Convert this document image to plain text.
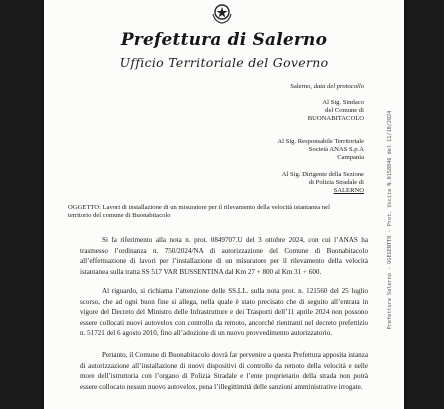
Prefettura di Salerno
Ufficio Territoriale del Governo
Salerno, data del protocollo
Al Sig. Sindaco
del Comune di
BUONABITACOLO
Al Sig. Responsabile Territoriale
Società ANAS S.p.A
Campania
Al Sig. Dirigente della Sezione
di Polizia Stradale di
SALERNO
OGGETTO: Lavori di installazione di un misuratore per il rilevamento della velocità istantanea nel
territorio del comune di Buonabitacolo
Si fa riferimento alla nota n. prot. 0849707.U del 3 ottobre 2024, con cui l’ANAS ha trasmesso l’ordinanza n. 750/2024/NA di autorizzazione del Comune di Buonabitacolo all’effettuazione di lavori per l’installazione di un misuratore per il rilevamento della velocità istantanea sulla tratta SS 517 VAR BUSSENTINA dal Km 27 + 800 al Km 31 + 600.
Al riguardo, si richiama l’attenzione delle SS.LL. sulla nota prot. n. 121560 del 25 luglio scorso, che ad ogni buon fine si allega, nella quale è stato precisato che di seguito all’entrata in vigore del Decreto del Ministro delle Infrastrutture e dei Trasporti dell’11 aprile 2024 non possono essere collocati nuovi autovelox con controllo da remoto, ancorché rientranti nel decreto prefettizio n. 51721 del 6 agosto 2010, fino all’adozione di un nuovo provvedimento autorizzatorio.
Pertanto, il Comune di Buonabitacolo dovrà far pervenire a questa Prefettura apposita istanza di autorizzazione all’installazione di nuovi dispositivi di controllo da remoto della velocità e nelle more dell’istruttoria con l’organo di Polizia Stradale e l’ente proprietario della strada non potrà essere collocato nessun nuovo autovelox, pena l’illegittimità delle sanzioni amministrative irrogate.
Prefettura Salerno - UGEGENTTO - Prot. Uscita N.0158846 del 11/10/2024
